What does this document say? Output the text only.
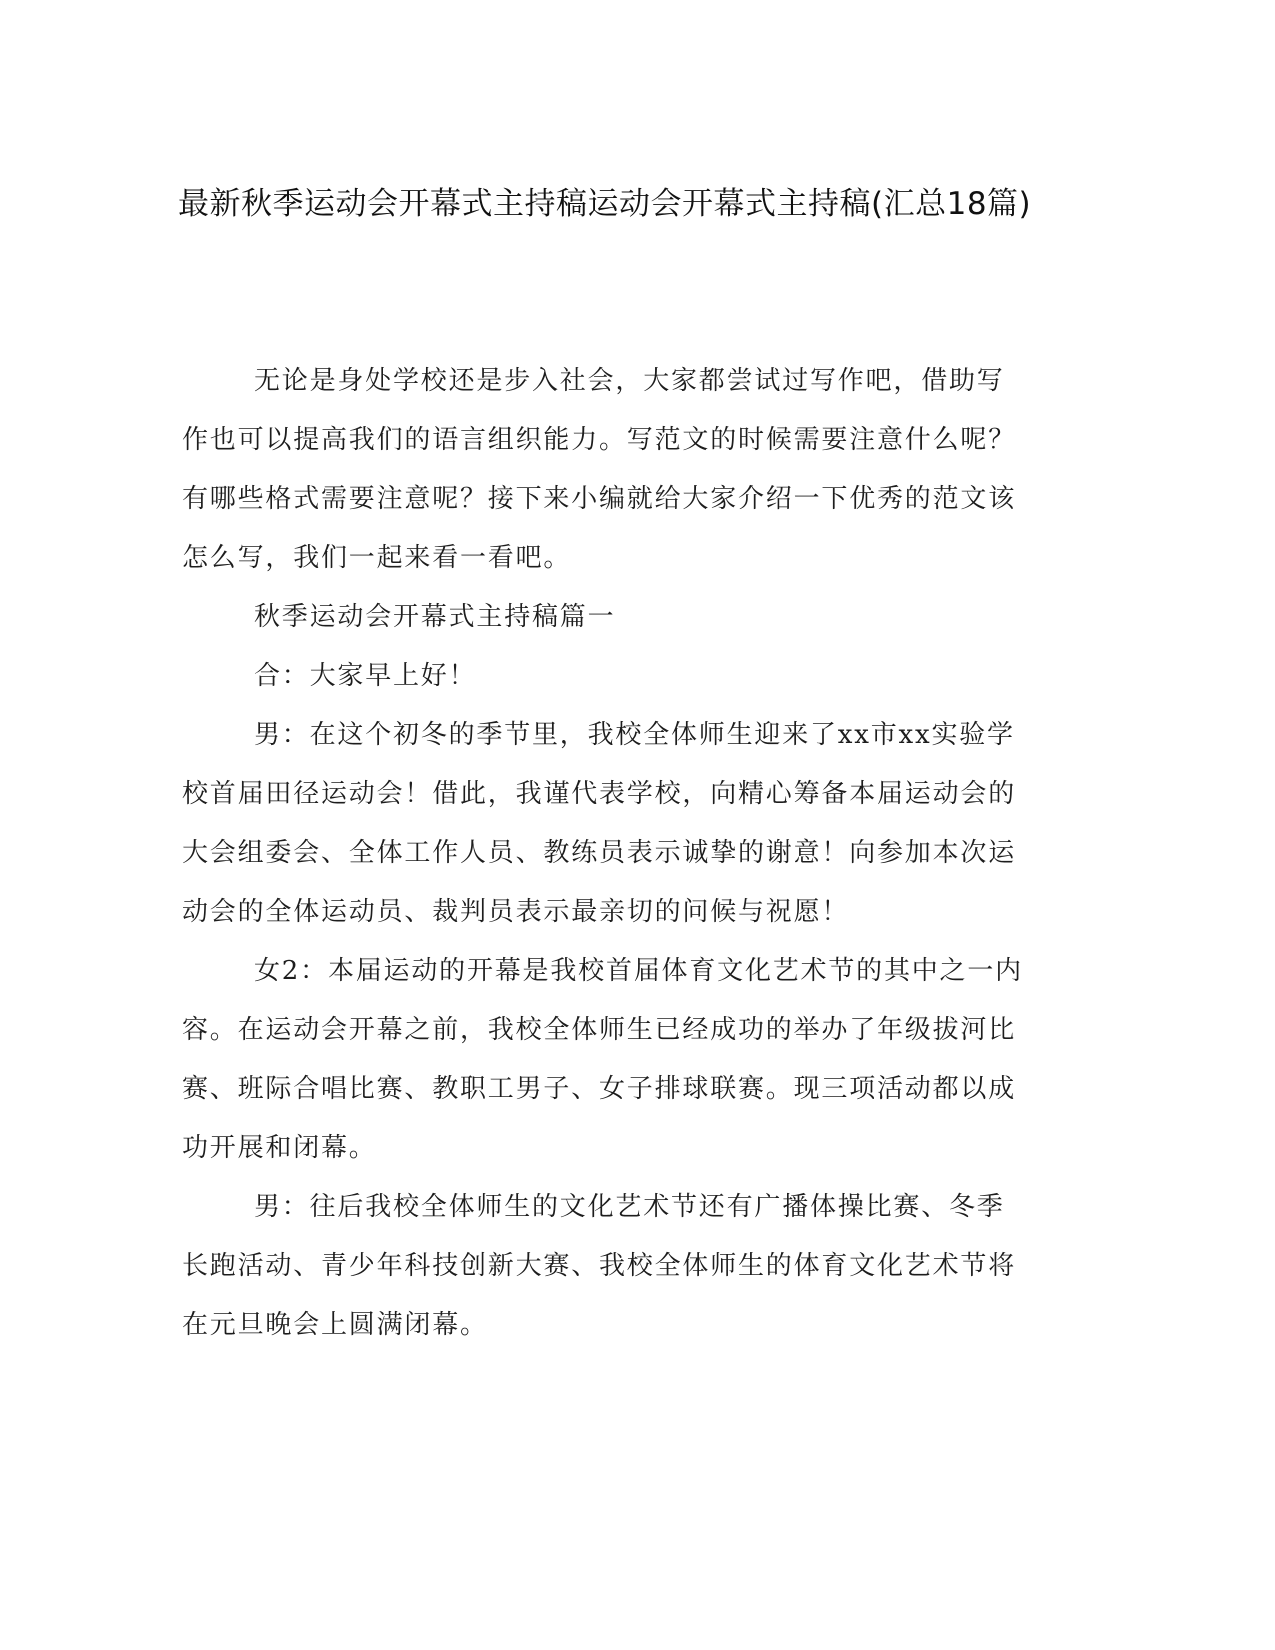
最新秋季运动会开幕式主持稿运动会开幕式主持稿(汇总18篇)

无论是身处学校还是步入社会，大家都尝试过写作吧，借助写作也可以提高我们的语言组织能力。写范文的时候需要注意什么呢？有哪些格式需要注意呢？接下来小编就给大家介绍一下优秀的范文该怎么写，我们一起来看一看吧。

秋季运动会开幕式主持稿篇一

合：大家早上好！

男：在这个初冬的季节里，我校全体师生迎来了xx市xx实验学校首届田径运动会！借此，我谨代表学校，向精心筹备本届运动会的大会组委会、全体工作人员、教练员表示诚挚的谢意！向参加本次运动会的全体运动员、裁判员表示最亲切的问候与祝愿！

女2：本届运动的开幕是我校首届体育文化艺术节的其中之一内容。在运动会开幕之前，我校全体师生已经成功的举办了年级拔河比赛、班际合唱比赛、教职工男子、女子排球联赛。现三项活动都以成功开展和闭幕。

男：往后我校全体师生的文化艺术节还有广播体操比赛、冬季长跑活动、青少年科技创新大赛、我校全体师生的体育文化艺术节将在元旦晚会上圆满闭幕。
